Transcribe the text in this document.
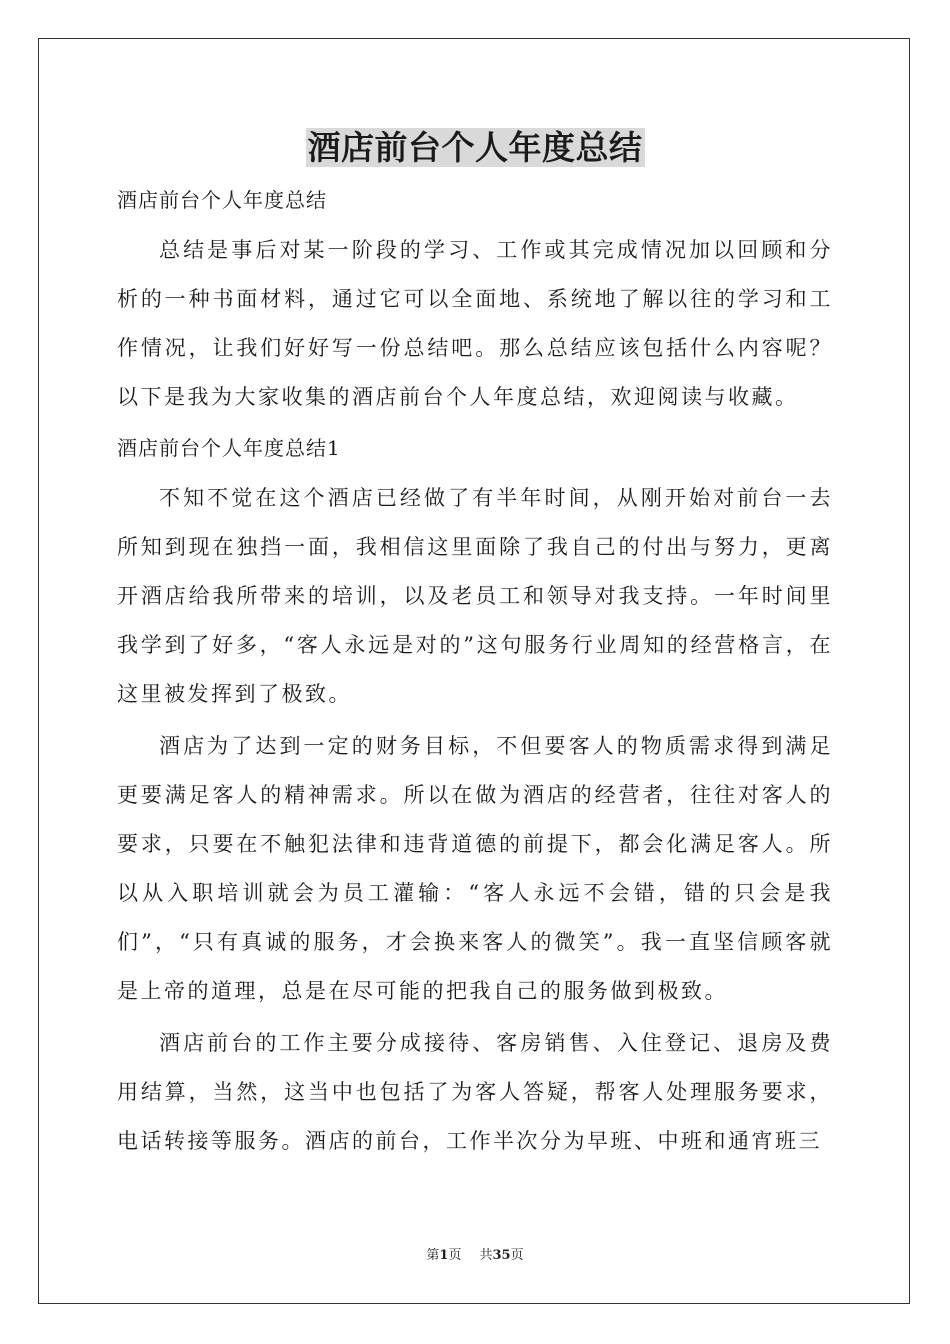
酒店前台个人年度总结

酒店前台个人年度总结

总结是事后对某一阶段的学习、工作或其完成情况加以回顾和分析的一种书面材料，通过它可以全面地、系统地了解以往的学习和工作情况，让我们好好写一份总结吧。那么总结应该包括什么内容呢？以下是我为大家收集的酒店前台个人年度总结，欢迎阅读与收藏。

酒店前台个人年度总结1

不知不觉在这个酒店已经做了有半年时间，从刚开始对前台一去所知到现在独挡一面，我相信这里面除了我自己的付出与努力，更离开酒店给我所带来的培训，以及老员工和领导对我支持。一年时间里我学到了好多，“客人永远是对的”这句服务行业周知的经营格言，在这里被发挥到了极致。

酒店为了达到一定的财务目标，不但要客人的物质需求得到满足更要满足客人的精神需求。所以在做为酒店的经营者，往往对客人的要求，只要在不触犯法律和违背道德的前提下，都会化满足客人。所以从入职培训就会为员工灌输：“客人永远不会错，错的只会是我们”，“只有真诚的服务，才会换来客人的微笑”。我一直坚信顾客就是上帝的道理，总是在尽可能的把我自己的服务做到极致。

酒店前台的工作主要分成接待、客房销售、入住登记、退房及费用结算，当然，这当中也包括了为客人答疑，帮客人处理服务要求，电话转接等服务。酒店的前台，工作半次分为早班、中班和通宵班三

第1页 共35页
